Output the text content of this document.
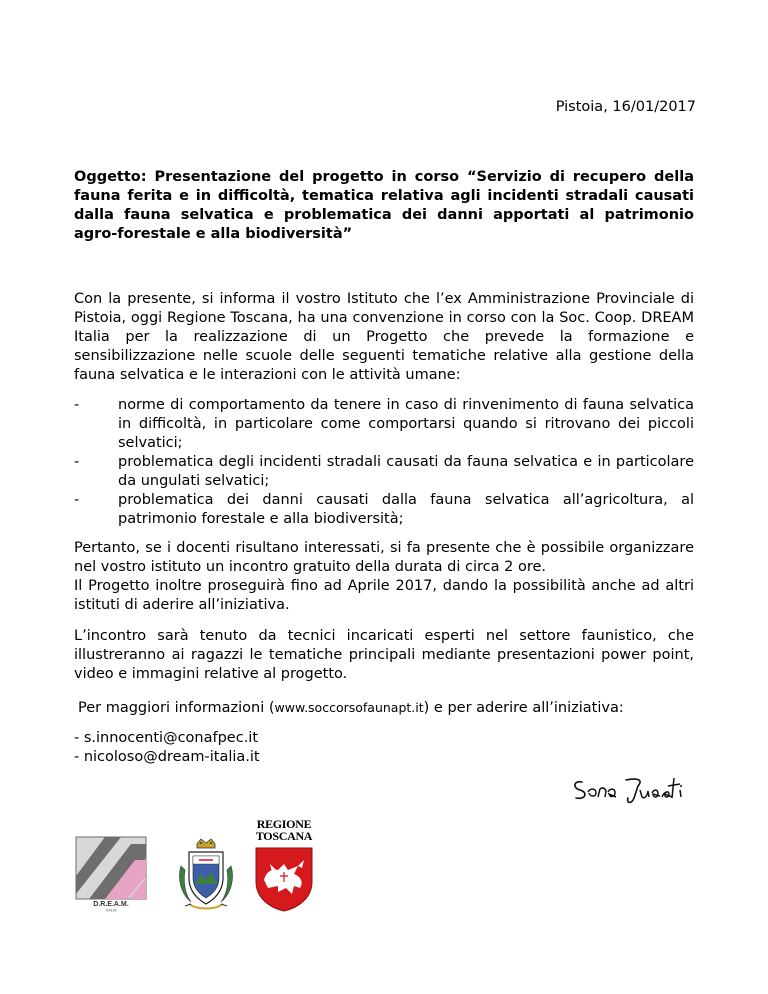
Pistoia, 16/01/2017
Oggetto: Presentazione del progetto in corso “Servizio di recupero della fauna ferita e in difficoltà, tematica relativa agli incidenti stradali causati dalla fauna selvatica e problematica dei danni apportati al patrimonio agro-forestale e alla biodiversità”

Con la presente, si informa il vostro Istituto che l’ex Amministrazione Provinciale di Pistoia, oggi Regione Toscana, ha una convenzione in corso con la Soc. Coop. DREAM Italia per la realizzazione di un Progetto che prevede la formazione e sensibilizzazione nelle scuole delle seguenti tematiche relative alla gestione della fauna selvatica e le interazioni con le attività umane:

-	norme di comportamento da tenere in caso di rinvenimento di fauna selvatica in difficoltà, in particolare come comportarsi quando si ritrovano dei piccoli selvatici;
-	problematica degli incidenti stradali causati da fauna selvatica e in particolare da ungulati selvatici;
-	problematica dei danni causati dalla fauna selvatica all’agricoltura, al patrimonio forestale e alla biodiversità;

Pertanto, se i docenti risultano interessati, si fa presente che è possibile organizzare nel vostro istituto un incontro gratuito della durata di circa 2 ore.

Il Progetto inoltre proseguirà fino ad Aprile 2017, dando la possibilità anche ad altri istituti di aderire all’iniziativa.

L’incontro sarà tenuto da tecnici incaricati esperti nel settore faunistico, che illustreranno ai ragazzi le tematiche principali mediante presentazioni power point, video e immagini relative al progetto.

Per maggiori informazioni (www.soccorsofaunapt.it) e per aderire all’iniziativa:

- s.innocenti@conafpec.it
- nicoloso@dream-italia.it
D.R.E.A.M.
ITALIA
REGIONE
TOSCANA
